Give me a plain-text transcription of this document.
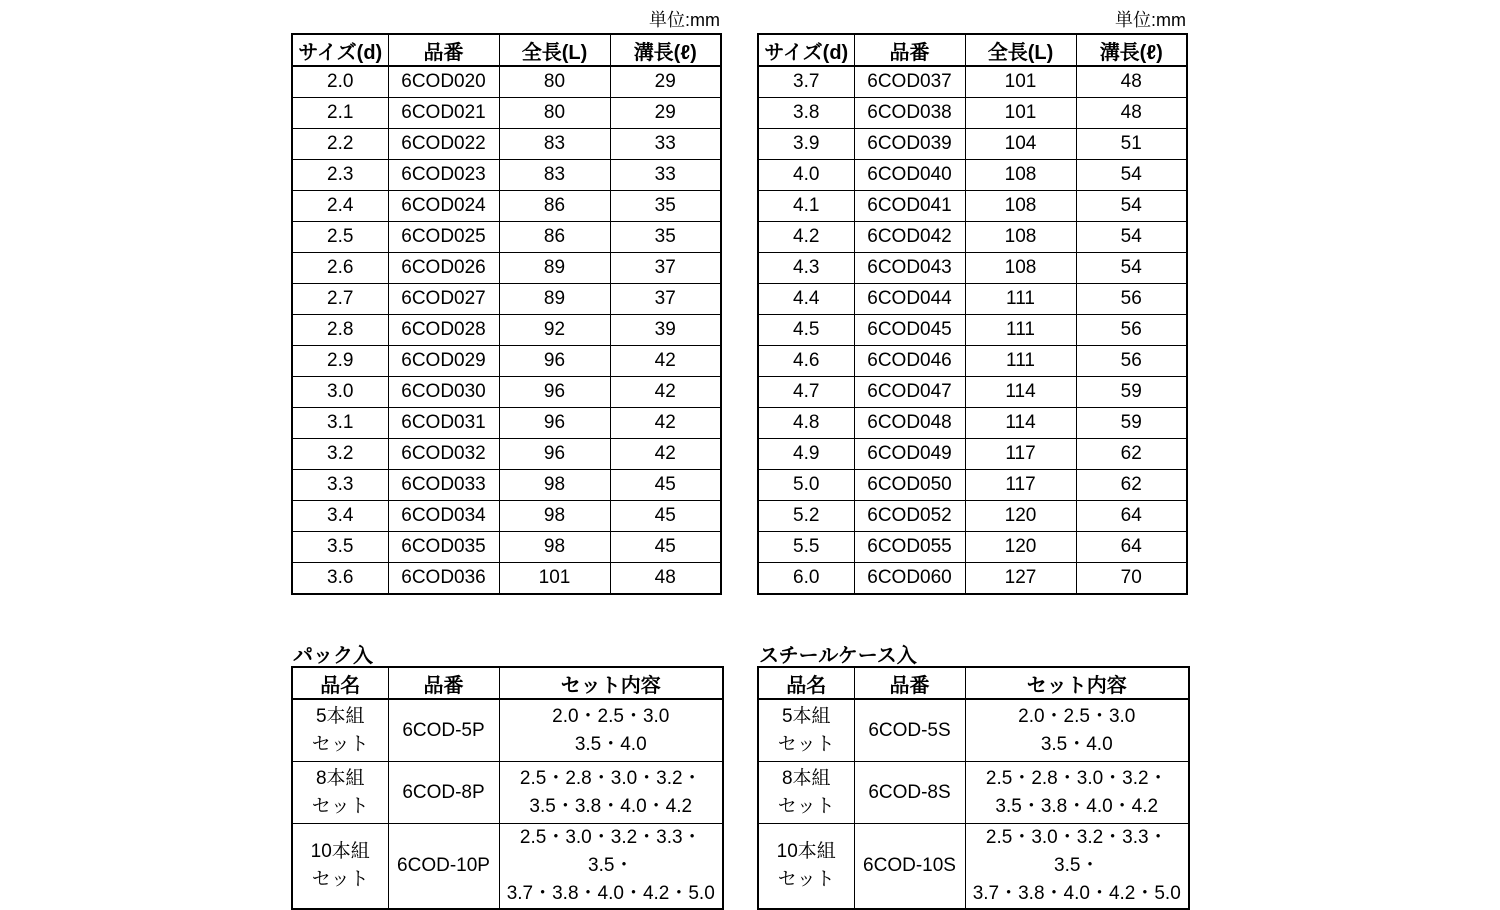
単位:mm	単位:mm
サイズ(d)	品番	全長(L)	溝長(ℓ)
2.0	6COD020	80	29
2.1	6COD021	80	29
2.2	6COD022	83	33
2.3	6COD023	83	33
2.4	6COD024	86	35
2.5	6COD025	86	35
2.6	6COD026	89	37
2.7	6COD027	89	37
2.8	6COD028	92	39
2.9	6COD029	96	42
3.0	6COD030	96	42
3.1	6COD031	96	42
3.2	6COD032	96	42
3.3	6COD033	98	45
3.4	6COD034	98	45
3.5	6COD035	98	45
3.6	6COD036	101	48
サイズ(d)	品番	全長(L)	溝長(ℓ)
3.7	6COD037	101	48
3.8	6COD038	101	48
3.9	6COD039	104	51
4.0	6COD040	108	54
4.1	6COD041	108	54
4.2	6COD042	108	54
4.3	6COD043	108	54
4.4	6COD044	111	56
4.5	6COD045	111	56
4.6	6COD046	111	56
4.7	6COD047	114	59
4.8	6COD048	114	59
4.9	6COD049	117	62
5.0	6COD050	117	62
5.2	6COD052	120	64
5.5	6COD055	120	64
6.0	6COD060	127	70
パック入	スチールケース入
品名	品番	セット内容

5本組
セット	6COD-5P	2.0・2.5・3.0
3.5・4.0

8本組
セット	6COD-8P	2.5・2.8・3.0・3.2・
3.5・3.8・4.0・4.2

10本組
セット	6COD-10P	2.5・3.0・3.2・3.3・3.5・
3.7・3.8・4.0・4.2・5.0
品名	品番	セット内容

5本組
セット	6COD-5S	2.0・2.5・3.0
3.5・4.0

8本組
セット	6COD-8S	2.5・2.8・3.0・3.2・
3.5・3.8・4.0・4.2

10本組
セット	6COD-10S	2.5・3.0・3.2・3.3・3.5・
3.7・3.8・4.0・4.2・5.0
